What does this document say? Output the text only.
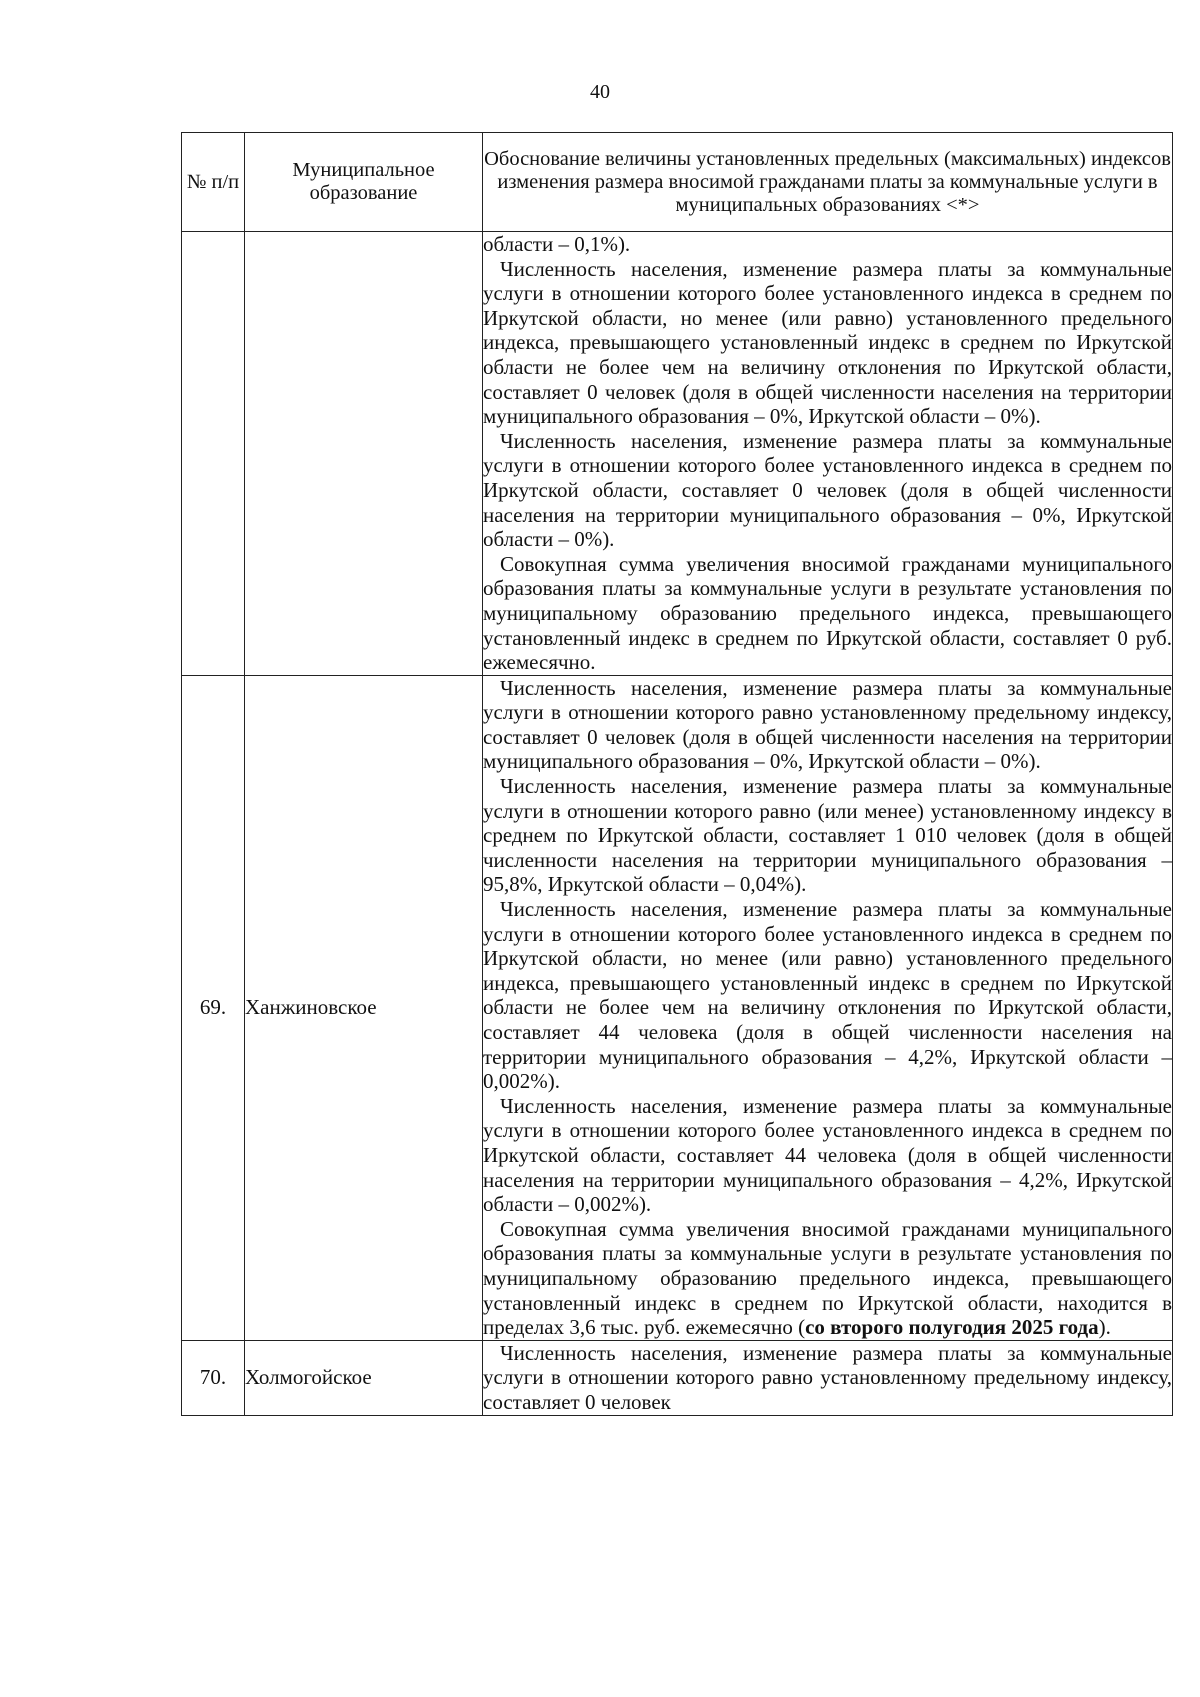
40
№ п/п	Муниципальное образование	Обоснование величины установленных предельных (максимальных) индексов изменения размера вносимой гражданами платы за коммунальные услуги в муниципальных образованиях <*>

		области – 0,1%).

Численность населения, изменение размера платы за коммунальные услуги в отношении которого более установленного индекса в среднем по Иркутской области, но менее (или равно) установленного предельного индекса, превышающего установленный индекс в среднем по Иркутской области не более чем на величину отклонения по Иркутской области, составляет 0 человек (доля в общей численности населения на территории муниципального образования – 0%, Иркутской области – 0%).

Численность населения, изменение размера платы за коммунальные услуги в отношении которого более установленного индекса в среднем по Иркутской области, составляет 0 человек (доля в общей численности населения на территории муниципального образования – 0%, Иркутской области – 0%).

Совокупная сумма увеличения вносимой гражданами муниципального образования платы за коммунальные услуги в результате установления по муниципальному образованию предельного индекса, превышающего установленный индекс в среднем по Иркутской области, составляет 0 руб. ежемесячно.

69.	Ханжиновское	Численность населения, изменение размера платы за коммунальные услуги в отношении которого равно установленному предельному индексу, составляет 0 человек (доля в общей численности населения на территории муниципального образования – 0%, Иркутской области – 0%).

Численность населения, изменение размера платы за коммунальные услуги в отношении которого равно (или менее) установленному индексу в среднем по Иркутской области, составляет 1 010 человек (доля в общей численности населения на территории муниципального образования – 95,8%, Иркутской области – 0,04%).

Численность населения, изменение размера платы за коммунальные услуги в отношении которого более установленного индекса в среднем по Иркутской области, но менее (или равно) установленного предельного индекса, превышающего установленный индекс в среднем по Иркутской области не более чем на величину отклонения по Иркутской области, составляет 44 человека (доля в общей численности населения на территории муниципального образования – 4,2%, Иркутской области – 0,002%).

Численность населения, изменение размера платы за коммунальные услуги в отношении которого более установленного индекса в среднем по Иркутской области, составляет 44 человека (доля в общей численности населения на территории муниципального образования – 4,2%, Иркутской области – 0,002%).

Совокупная сумма увеличения вносимой гражданами муниципального образования платы за коммунальные услуги в результате установления по муниципальному образованию предельного индекса, превышающего установленный индекс в среднем по Иркутской области, находится в пределах 3,6 тыс. руб. ежемесячно (со второго полугодия 2025 года).

70.	Холмогойское	Численность населения, изменение размера платы за коммунальные услуги в отношении которого равно установленному предельному индексу, составляет 0 человек
